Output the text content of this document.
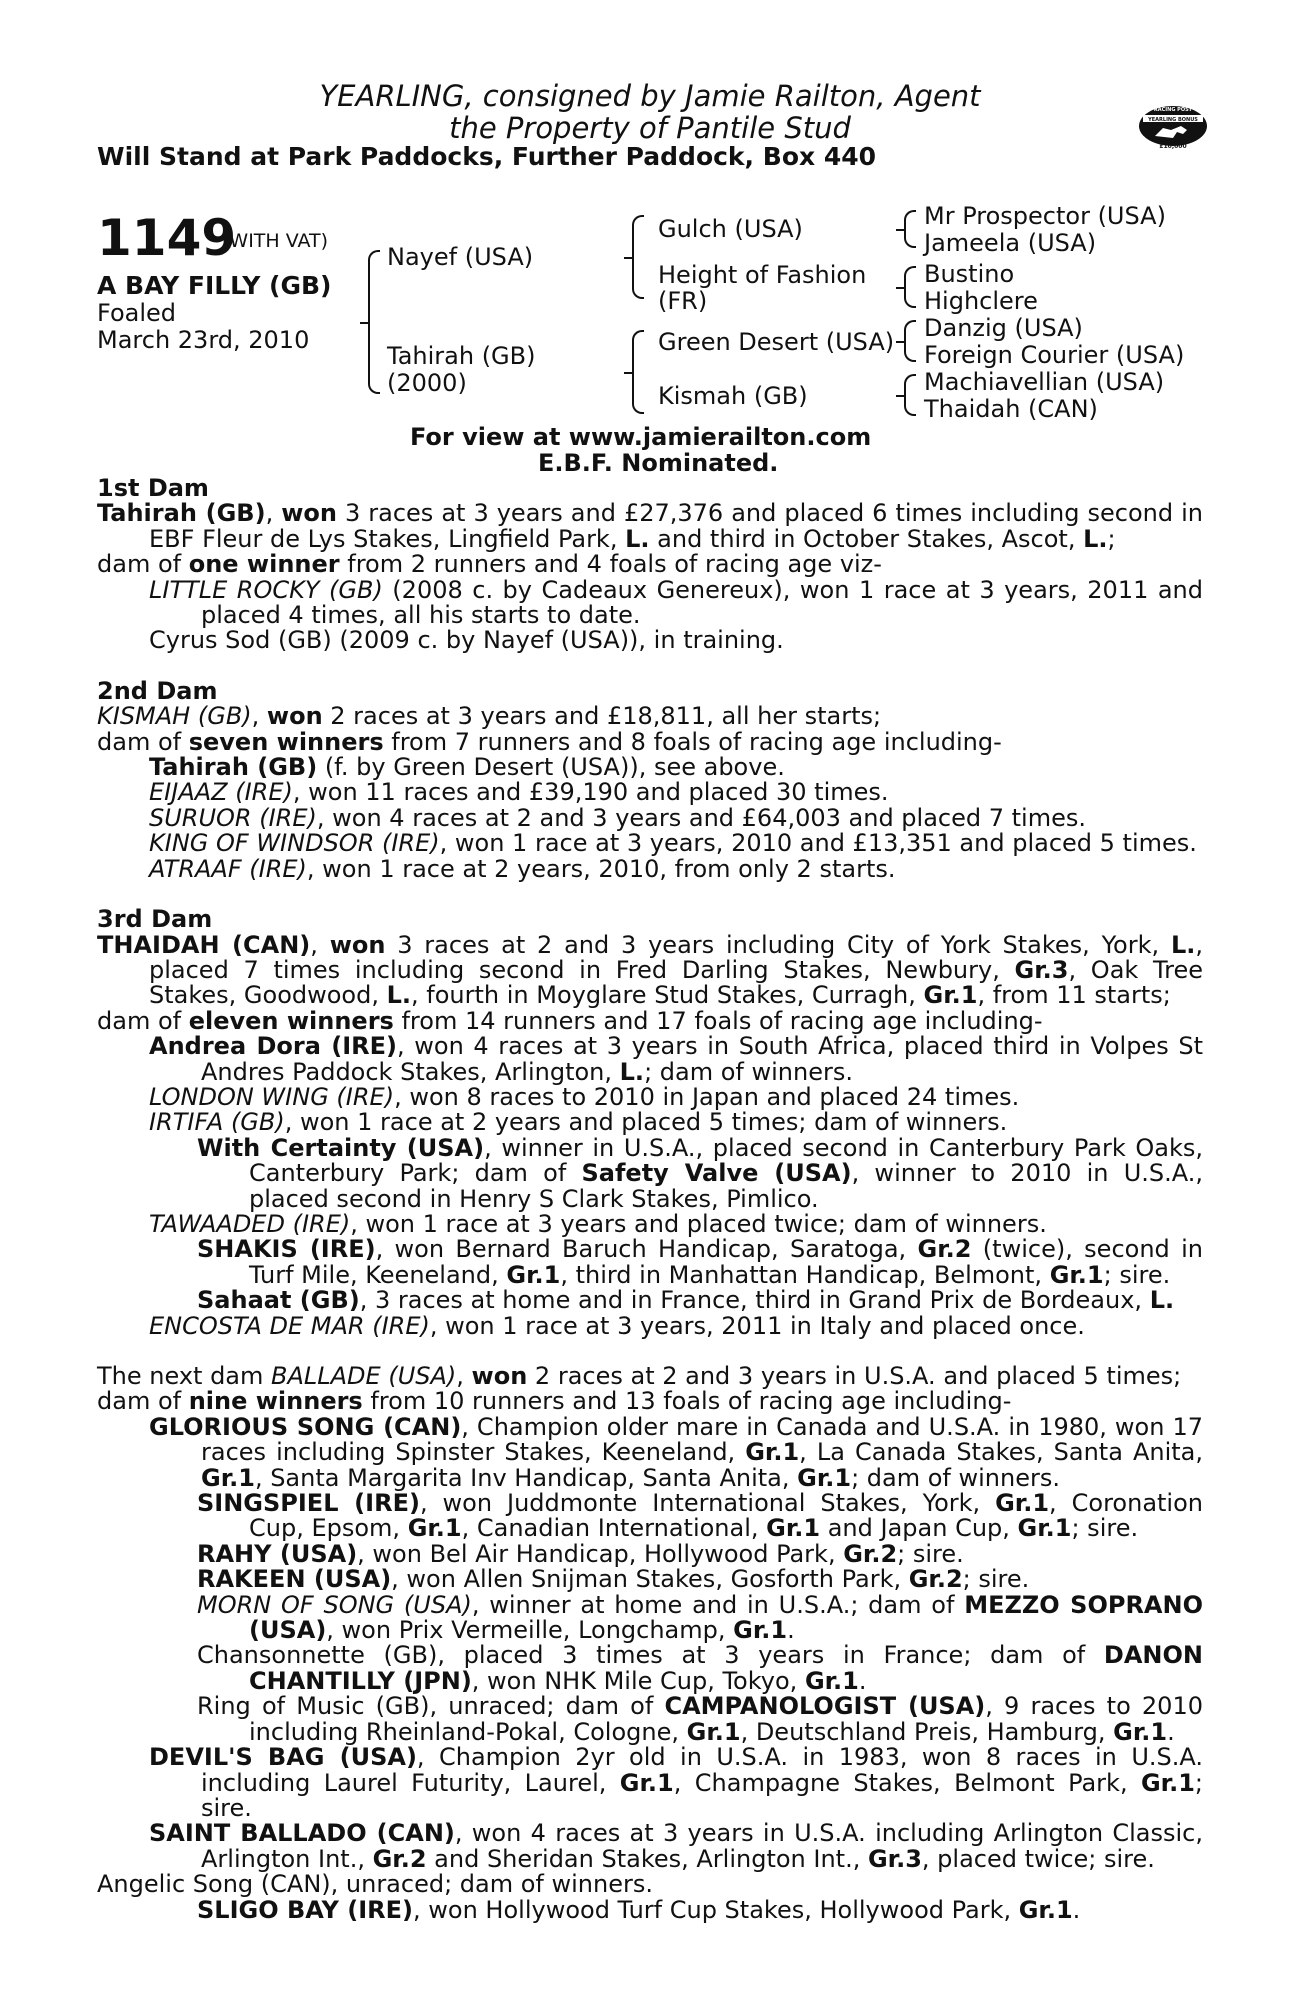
YEARLING, consigned by Jamie Railton, Agent
the Property of Pantile Stud
Will Stand at Park Paddocks, Further Paddock, Box 440
RACING POST
YEARLING BONUS
£10,000
1149
(WITH VAT)
A BAY FILLY (GB)
Foaled
March 23rd, 2010
Nayef (USA)
Tahirah (GB)
(2000)
Gulch (USA)
Height of Fashion
(FR)
Green Desert (USA)
Kismah (GB)
Mr Prospector (USA)
Jameela (USA)
Bustino
Highclere
Danzig (USA)
Foreign Courier (USA)
Machiavellian (USA)
Thaidah (CAN)
For view at www.jamierailton.com
E.B.F. Nominated.

1st Dam

Tahirah (GB), won 3 races at 3 years and £27,376 and placed 6 times including second in EBF Fleur de Lys Stakes, Lingfield Park, L. and third in October Stakes, Ascot, L.;

dam of one winner from 2 runners and 4 foals of racing age viz-

LITTLE ROCKY (GB) (2008 c. by Cadeaux Genereux), won 1 race at 3 years, 2011 and placed 4 times, all his starts to date.

Cyrus Sod (GB) (2009 c. by Nayef (USA)), in training.

2nd Dam

KISMAH (GB), won 2 races at 3 years and £18,811, all her starts;

dam of seven winners from 7 runners and 8 foals of racing age including-

Tahirah (GB) (f. by Green Desert (USA)), see above.

EIJAAZ (IRE), won 11 races and £39,190 and placed 30 times.

SURUOR (IRE), won 4 races at 2 and 3 years and £64,003 and placed 7 times.

KING OF WINDSOR (IRE), won 1 race at 3 years, 2010 and £13,351 and placed 5 times.

ATRAAF (IRE), won 1 race at 2 years, 2010, from only 2 starts.

3rd Dam

THAIDAH (CAN), won 3 races at 2 and 3 years including City of York Stakes, York, L., placed 7 times including second in Fred Darling Stakes, Newbury, Gr.3, Oak Tree Stakes, Goodwood, L., fourth in Moyglare Stud Stakes, Curragh, Gr.1, from 11 starts;

dam of eleven winners from 14 runners and 17 foals of racing age including-

Andrea Dora (IRE), won 4 races at 3 years in South Africa, placed third in Volpes St Andres Paddock Stakes, Arlington, L.; dam of winners.

LONDON WING (IRE), won 8 races to 2010 in Japan and placed 24 times.

IRTIFA (GB), won 1 race at 2 years and placed 5 times; dam of winners.

With Certainty (USA), winner in U.S.A., placed second in Canterbury Park Oaks, Canterbury Park; dam of Safety Valve (USA), winner to 2010 in U.S.A., placed second in Henry S Clark Stakes, Pimlico.

TAWAADED (IRE), won 1 race at 3 years and placed twice; dam of winners.

SHAKIS (IRE), won Bernard Baruch Handicap, Saratoga, Gr.2 (twice), second in Turf Mile, Keeneland, Gr.1, third in Manhattan Handicap, Belmont, Gr.1; sire.

Sahaat (GB), 3 races at home and in France, third in Grand Prix de Bordeaux, L.

ENCOSTA DE MAR (IRE), won 1 race at 3 years, 2011 in Italy and placed once.

The next dam BALLADE (USA), won 2 races at 2 and 3 years in U.S.A. and placed 5 times;

dam of nine winners from 10 runners and 13 foals of racing age including-

GLORIOUS SONG (CAN), Champion older mare in Canada and U.S.A. in 1980, won 17 races including Spinster Stakes, Keeneland, Gr.1, La Canada Stakes, Santa Anita, Gr.1, Santa Margarita Inv Handicap, Santa Anita, Gr.1; dam of winners.

SINGSPIEL (IRE), won Juddmonte International Stakes, York, Gr.1, Coronation Cup, Epsom, Gr.1, Canadian International, Gr.1 and Japan Cup, Gr.1; sire.

RAHY (USA), won Bel Air Handicap, Hollywood Park, Gr.2; sire.

RAKEEN (USA), won Allen Snijman Stakes, Gosforth Park, Gr.2; sire.

MORN OF SONG (USA), winner at home and in U.S.A.; dam of MEZZO SOPRANO (USA), won Prix Vermeille, Longchamp, Gr.1.

Chansonnette (GB), placed 3 times at 3 years in France; dam of DANON CHANTILLY (JPN), won NHK Mile Cup, Tokyo, Gr.1.

Ring of Music (GB), unraced; dam of CAMPANOLOGIST (USA), 9 races to 2010 including Rheinland-Pokal, Cologne, Gr.1, Deutschland Preis, Hamburg, Gr.1.

DEVIL'S BAG (USA), Champion 2yr old in U.S.A. in 1983, won 8 races in U.S.A. including Laurel Futurity, Laurel, Gr.1, Champagne Stakes, Belmont Park, Gr.1; sire.

SAINT BALLADO (CAN), won 4 races at 3 years in U.S.A. including Arlington Classic, Arlington Int., Gr.2 and Sheridan Stakes, Arlington Int., Gr.3, placed twice; sire.

Angelic Song (CAN), unraced; dam of winners.

SLIGO BAY (IRE), won Hollywood Turf Cup Stakes, Hollywood Park, Gr.1.
